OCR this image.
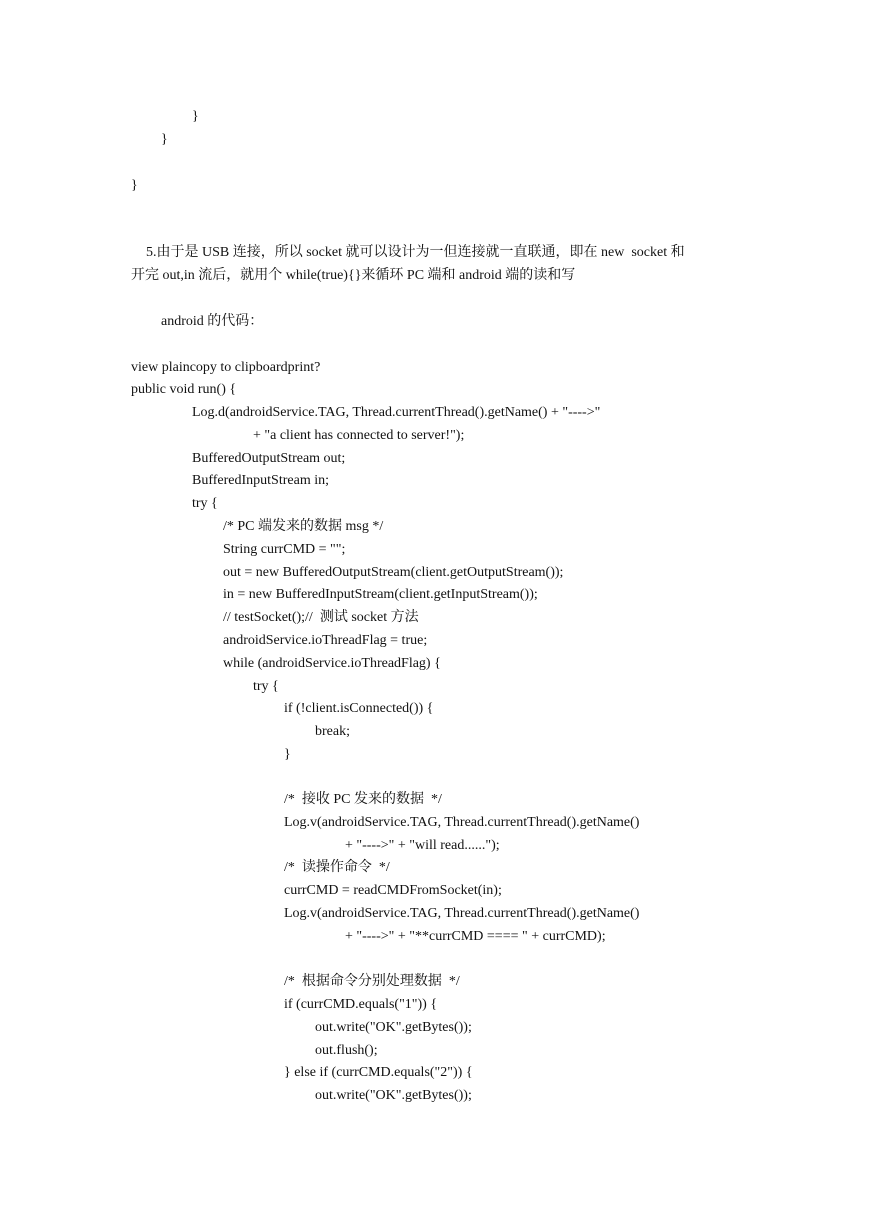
}
}
}
5.由于是 USB 连接，所以 socket 就可以设计为一但连接就一直联通，即在 new  socket 和
开完 out,in 流后，就用个 while(true){}来循环 PC 端和 android 端的读和写
android 的代码：
view plaincopy to clipboardprint?
public void run() {
Log.d(androidService.TAG, Thread.currentThread().getName() + "---->"
+ "a client has connected to server!");
BufferedOutputStream out;
BufferedInputStream in;
try {
/* PC 端发来的数据 msg */
String currCMD = "";
out = new BufferedOutputStream(client.getOutputStream());
in = new BufferedInputStream(client.getInputStream());
// testSocket();//  测试 socket 方法
androidService.ioThreadFlag = true;
while (androidService.ioThreadFlag) {
try {
if (!client.isConnected()) {
break;
}
/*  接收 PC 发来的数据  */
Log.v(androidService.TAG, Thread.currentThread().getName()
+ "---->" + "will read......");
/*  读操作命令  */
currCMD = readCMDFromSocket(in);
Log.v(androidService.TAG, Thread.currentThread().getName()
+ "---->" + "**currCMD ==== " + currCMD);
/*  根据命令分别处理数据  */
if (currCMD.equals("1")) {
out.write("OK".getBytes());
out.flush();
} else if (currCMD.equals("2")) {
out.write("OK".getBytes());
